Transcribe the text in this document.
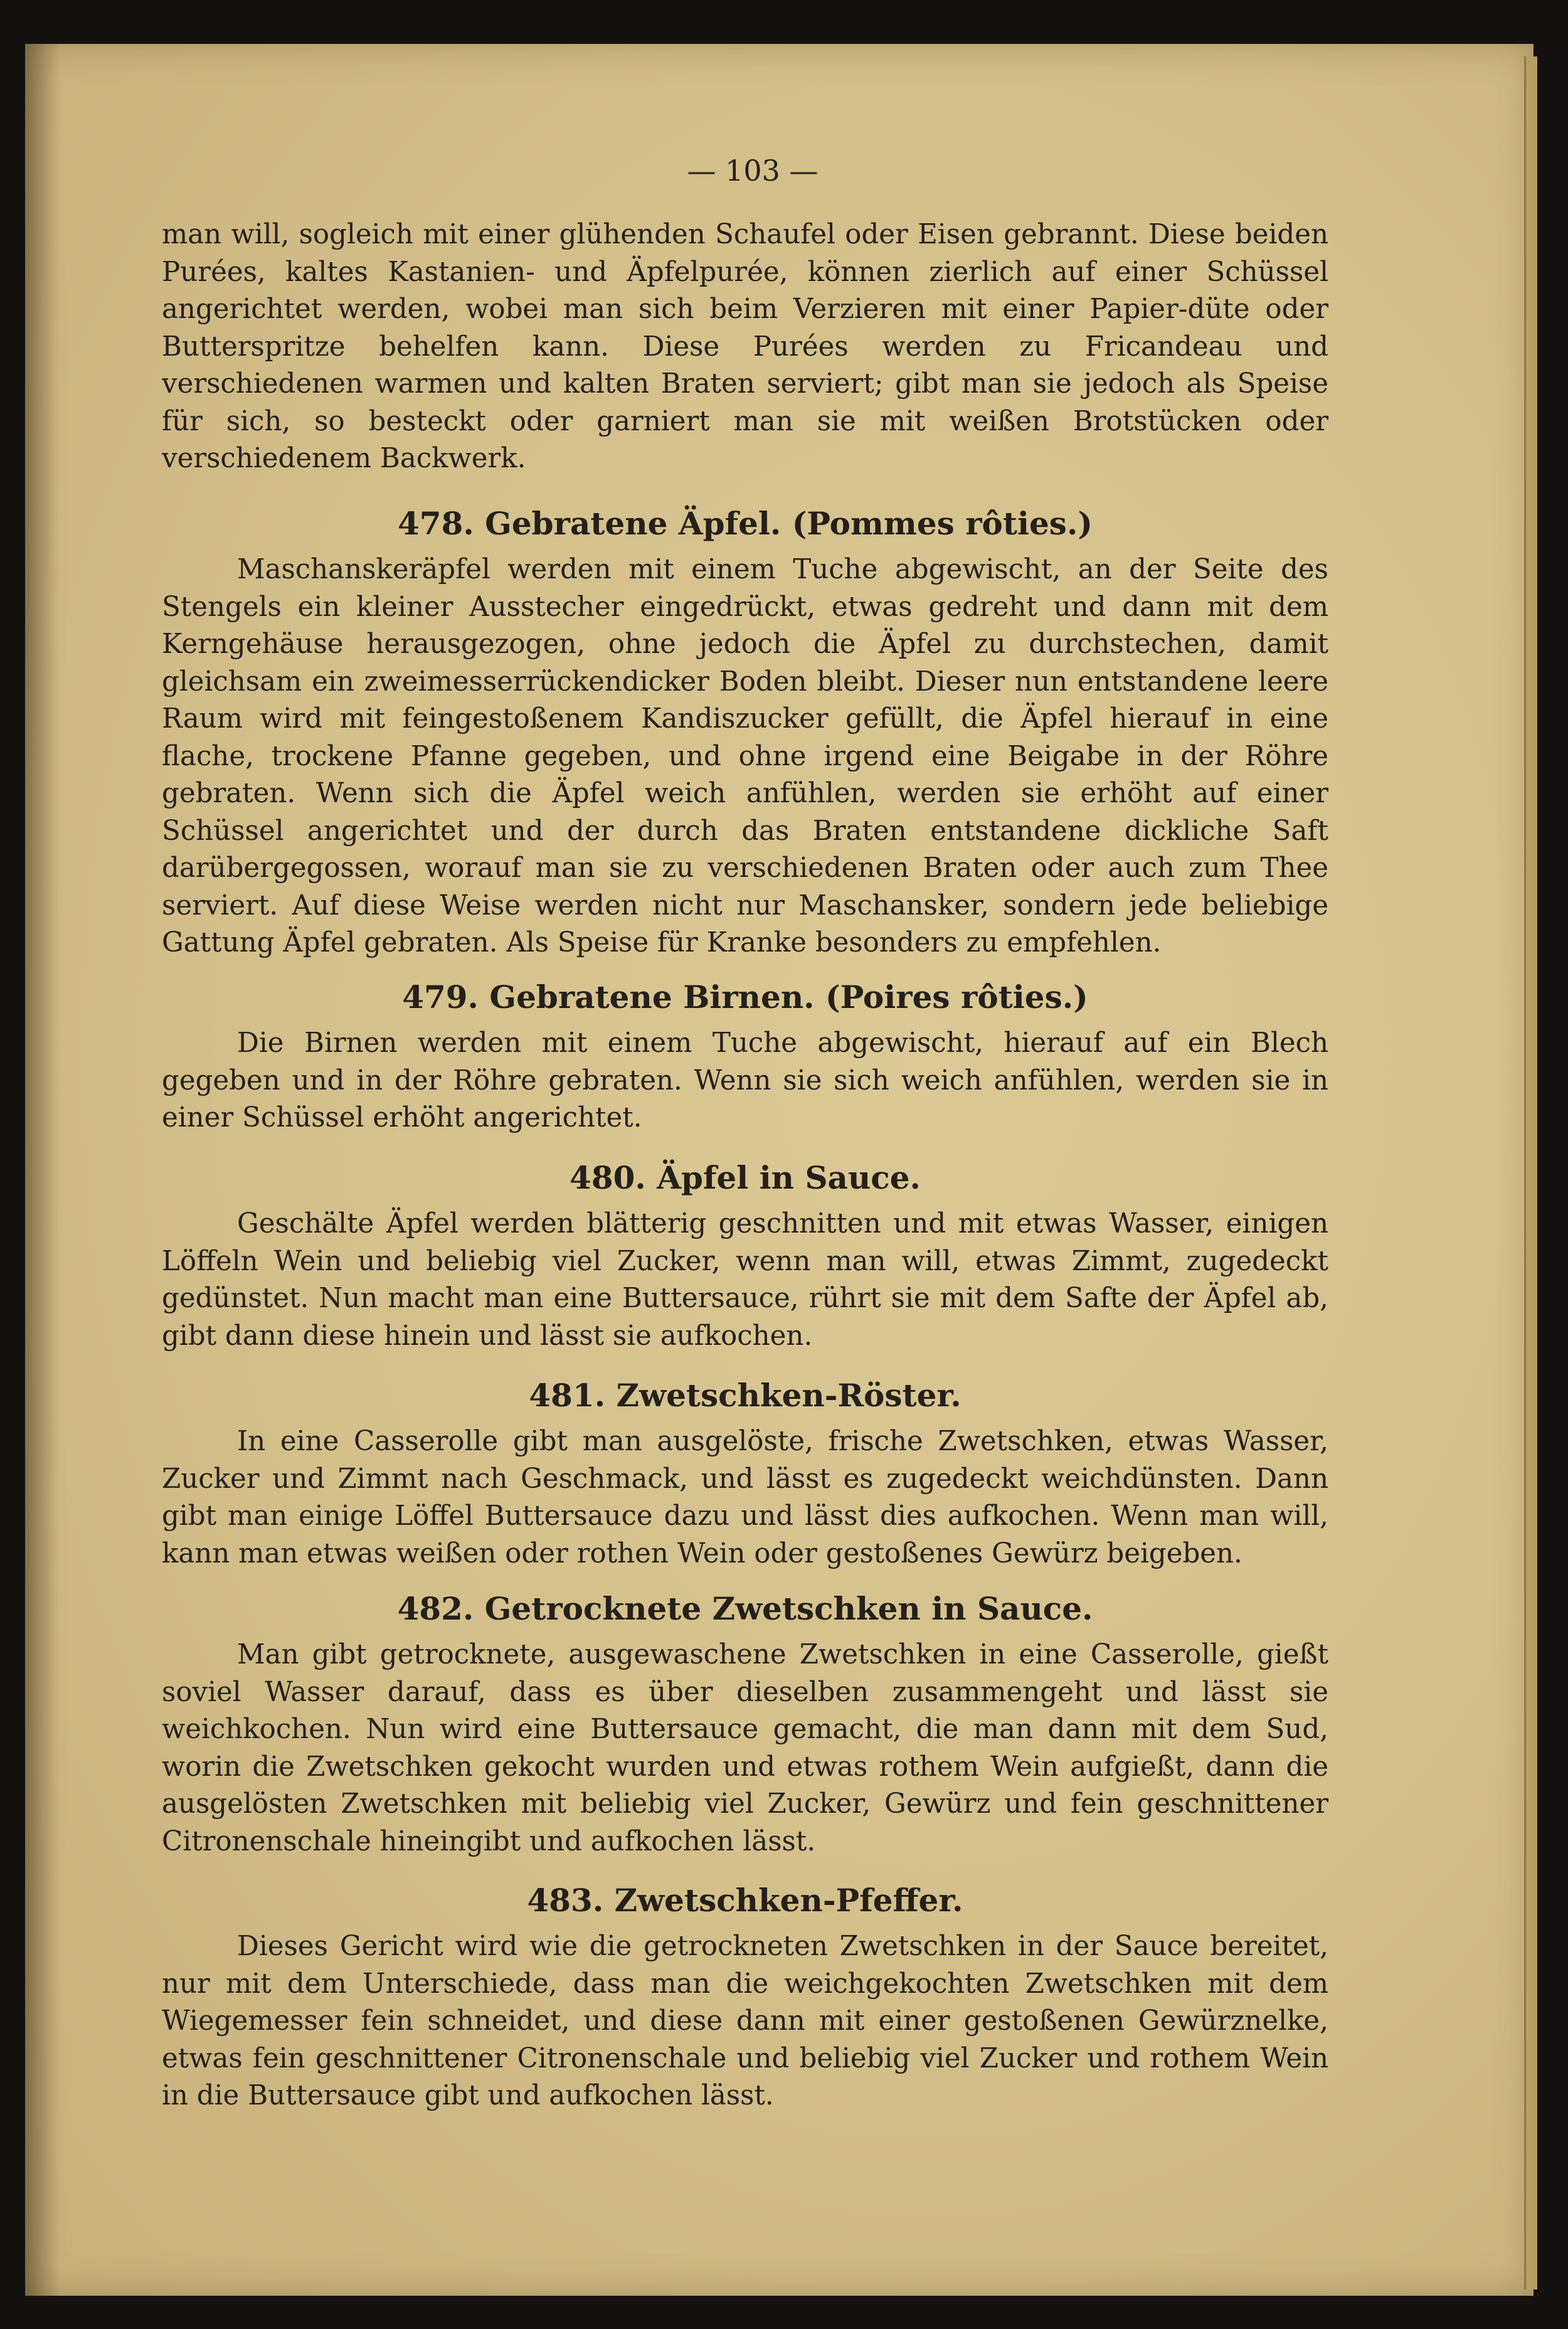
— 103 —

man will, sogleich mit einer glühenden Schaufel oder Eisen gebrannt. Diese beiden Purées, kaltes Kastanien- und Äpfelpurée, können zierlich auf einer Schüssel angerichtet werden, wobei man sich beim Verzieren mit einer Papier-düte oder Butterspritze behelfen kann. Diese Purées werden zu Fricandeau und verschiedenen warmen und kalten Braten serviert; gibt man sie jedoch als Speise für sich, so besteckt oder garniert man sie mit weißen Brotstücken oder verschiedenem Backwerk.

478. Gebratene Äpfel. (Pommes rôties.)

Maschanskeräpfel werden mit einem Tuche abgewischt, an der Seite des Stengels ein kleiner Ausstecher eingedrückt, etwas gedreht und dann mit dem Kerngehäuse herausgezogen, ohne jedoch die Äpfel zu durchstechen, damit gleichsam ein zweimesserrückendicker Boden bleibt. Dieser nun entstandene leere Raum wird mit feingestoßenem Kandiszucker gefüllt, die Äpfel hierauf in eine flache, trockene Pfanne gegeben, und ohne irgend eine Beigabe in der Röhre gebraten. Wenn sich die Äpfel weich anfühlen, werden sie erhöht auf einer Schüssel angerichtet und der durch das Braten entstandene dickliche Saft darübergegossen, worauf man sie zu verschiedenen Braten oder auch zum Thee serviert. Auf diese Weise werden nicht nur Maschansker, sondern jede beliebige Gattung Äpfel gebraten. Als Speise für Kranke besonders zu empfehlen.

479. Gebratene Birnen. (Poires rôties.)

Die Birnen werden mit einem Tuche abgewischt, hierauf auf ein Blech gegeben und in der Röhre gebraten. Wenn sie sich weich anfühlen, werden sie in einer Schüssel erhöht angerichtet.

480. Äpfel in Sauce.

Geschälte Äpfel werden blätterig geschnitten und mit etwas Wasser, einigen Löffeln Wein und beliebig viel Zucker, wenn man will, etwas Zimmt, zugedeckt gedünstet. Nun macht man eine Buttersauce, rührt sie mit dem Safte der Äpfel ab, gibt dann diese hinein und lässt sie aufkochen.

481. Zwetschken-Röster.

In eine Casserolle gibt man ausgelöste, frische Zwetschken, etwas Wasser, Zucker und Zimmt nach Geschmack, und lässt es zugedeckt weichdünsten. Dann gibt man einige Löffel Buttersauce dazu und lässt dies aufkochen. Wenn man will, kann man etwas weißen oder rothen Wein oder gestoßenes Gewürz beigeben.

482. Getrocknete Zwetschken in Sauce.

Man gibt getrocknete, ausgewaschene Zwetschken in eine Casserolle, gießt soviel Wasser darauf, dass es über dieselben zusammengeht und lässt sie weichkochen. Nun wird eine Buttersauce gemacht, die man dann mit dem Sud, worin die Zwetschken gekocht wurden und etwas rothem Wein aufgießt, dann die ausgelösten Zwetschken mit beliebig viel Zucker, Gewürz und fein geschnittener Citronenschale hineingibt und aufkochen lässt.

483. Zwetschken-Pfeffer.

Dieses Gericht wird wie die getrockneten Zwetschken in der Sauce bereitet, nur mit dem Unterschiede, dass man die weichgekochten Zwetschken mit dem Wiegemesser fein schneidet, und diese dann mit einer gestoßenen Gewürznelke, etwas fein geschnittener Citronenschale und beliebig viel Zucker und rothem Wein in die Buttersauce gibt und aufkochen lässt.
